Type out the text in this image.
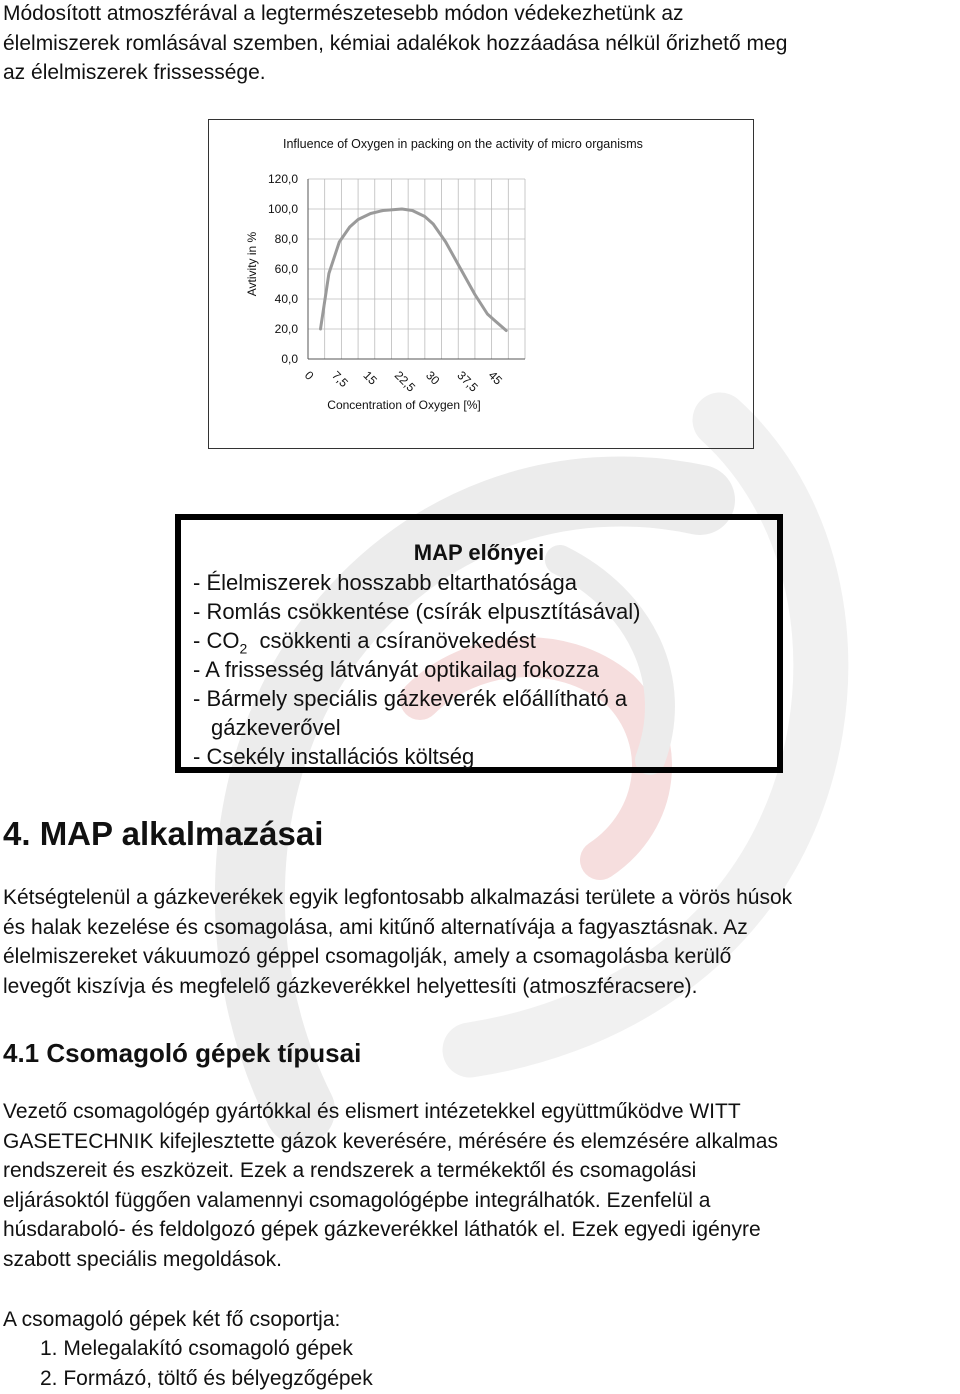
Módosított atmoszférával a legtermészetesebb módon védekezhetünk az
élelmiszerek romlásával szemben, kémiai adalékok hozzáadása nélkül őrizhető meg
az élelmiszerek frissessége.
Influence of Oxygen in packing on the activity of micro organisms
0,0
20,0
40,0
60,0
80,0
100,0
120,0
0 7,5 15 22,5 30 37,5 45
Concentration of Oxygen [%]
Avtivity in %
MAP előnyei
- Élelmiszerek hosszabb eltarthatósága
- Romlás csökkentése (csírák elpusztításával)
- $CO_2$ csökkenti a csíranövekedést
- A frissesség látványát optikailag fokozza
- Bármely speciális gázkeverék előállítható a
gázkeverővel
- Csekély installációs költség
4. MAP alkalmazásai
Kétségtelenül a gázkeverékek egyik legfontosabb alkalmazási területe a vörös húsok
és halak kezelése és csomagolása, ami kitűnő alternatívája a fagyasztásnak. Az
élelmiszereket vákuumozó géppel csomagolják, amely a csomagolásba kerülő
levegőt kiszívja és megfelelő gázkeverékkel helyettesíti (atmoszféracsere).
4.1 Csomagoló gépek típusai
Vezető csomagológép gyártókkal és elismert intézetekkel együttműködve WITT
GASETECHNIK kifejlesztette gázok keverésére, mérésére és elemzésére alkalmas
rendszereit és eszközeit. Ezek a rendszerek a termékektől és csomagolási
eljárásoktól függően valamennyi csomagológépbe integrálhatók. Ezenfelül a
húsdaraboló- és feldolgozó gépek gázkeverékkel láthatók el. Ezek egyedi igényre
szabott speciális megoldások.
A csomagoló gépek két fő csoportja:
1. Melegalakító csomagoló gépek
2. Formázó, töltő és bélyegzőgépek
